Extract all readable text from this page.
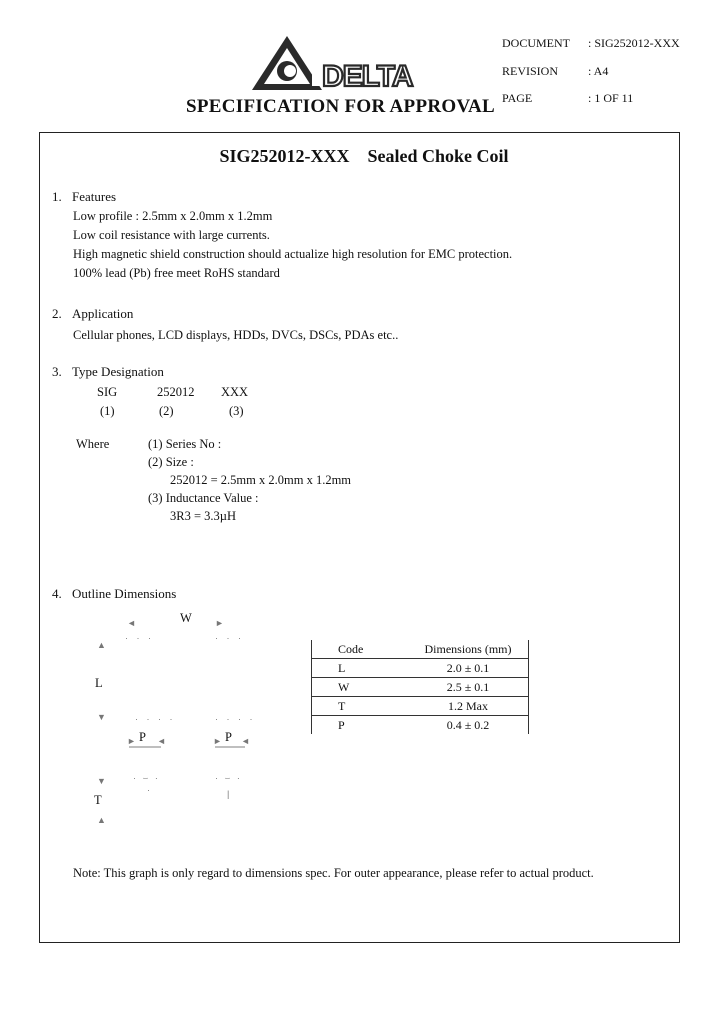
DELTA
SPECIFICATION FOR APPROVAL
DOCUMENT	: SIG252012-XXX
REVISION	: A4
PAGE	: 1 OF 11
SIG252012-XXX    Sealed Choke Coil
1. Features
Low profile : 2.5mm x 2.0mm x 1.2mm
Low coil resistance with large currents.
High magnetic shield construction should actualize high resolution for EMC protection.
100% lead (Pb) free meet RoHS standard
2. Application
Cellular phones, LCD displays, HDDs, DVCs, DSCs, PDAs etc..
3. Type Designation
SIG	252012 XXX
(1)	(2)	(3)
Where	(1) Series No :
(2) Size :
252012 = 2.5mm x 2.0mm x 1.2mm
(3) Inductance Value :
3R3 = 3.3µH
4. Outline Dimensions
◄	►
· · ·	· · ·
▲
▼	· · · ·	· · · ·
► ◄	► ◄
▼
▲
· ⌣ ·	· ⌣ ·
·	|
W
L
P	P
T
Code	Dimensions (mm)
L	2.0 ± 0.1
W	2.5 ± 0.1
T	1.2 Max
P	0.4 ± 0.2
Note: This graph is only regard to dimensions spec. For outer appearance, please refer to actual product.
